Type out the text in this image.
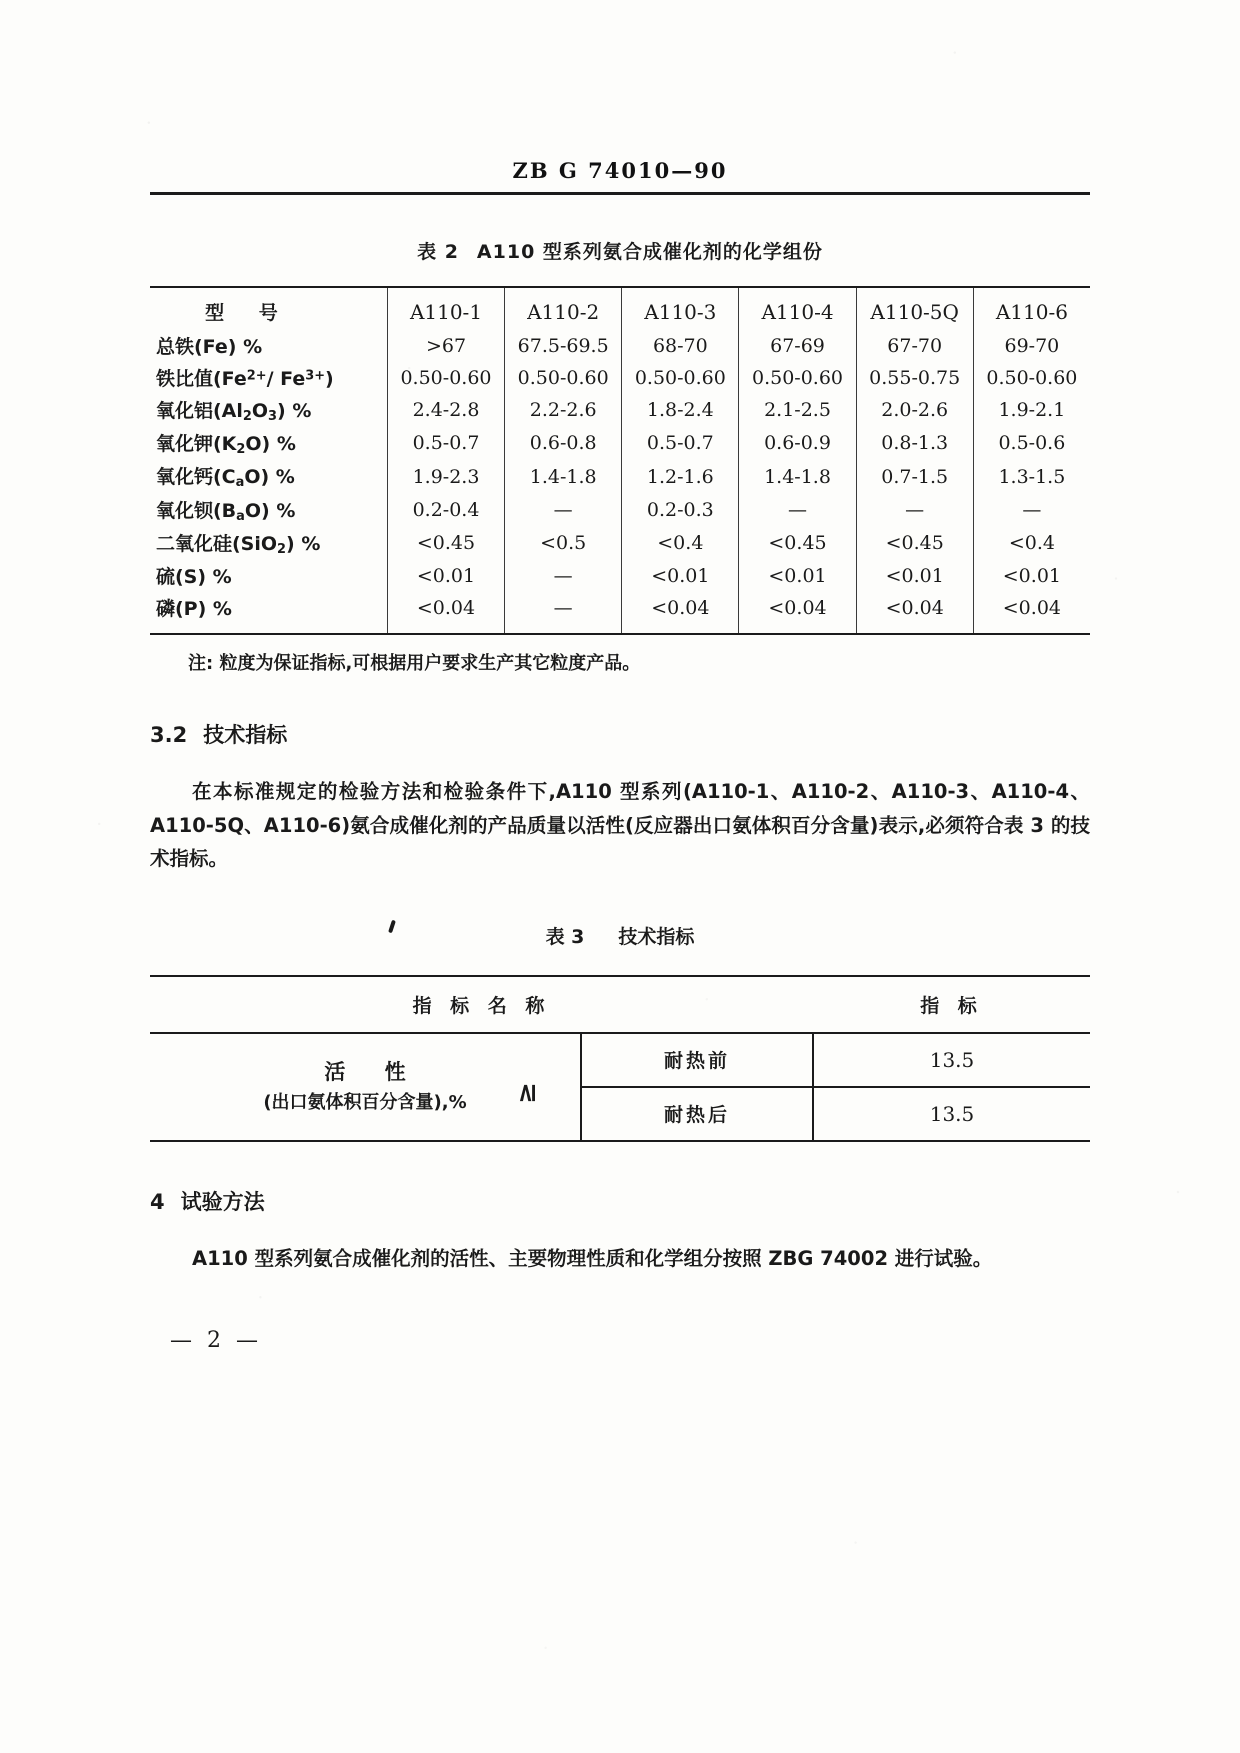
ZB G 74010—90
表 2 A110 型系列氨合成催化剂的化学组份
型 号	A110-1	A110-2	A110-3	A110-4	A110-5Q	A110-6
总铁(Fe) %	>67	67.5-69.5	68-70	67-69	67-70	69-70
铁比值($Fe^{2+}/$ $Fe^{3+}$)	0.50-0.60	0.50-0.60	0.50-0.60	0.50-0.60	0.55-0.75	0.50-0.60
氧化铝$(Al_2O_3)$ %	2.4-2.8	2.2-2.6	1.8-2.4	2.1-2.5	2.0-2.6	1.9-2.1
氧化钾$(K_2O)$ %	0.5-0.7	0.6-0.8	0.5-0.7	0.6-0.9	0.8-1.3	0.5-0.6
氧化钙$(C_aO)$ %	1.9-2.3	1.4-1.8	1.2-1.6	1.4-1.8	0.7-1.5	1.3-1.5
氧化钡$(B_aO)$ %	0.2-0.4	—	0.2-0.3	—	—	—
二氧化硅(SiO$_2$) %	<0.45	<0.5	<0.4	<0.45	<0.45	<0.4
硫(S) %	<0.01	—	<0.01	<0.01	<0.01	<0.01
磷(P) %	<0.04	—	<0.04	<0.04	<0.04	<0.04
注: 粒度为保证指标,可根据用户要求生产其它粒度产品。
3.2 技术指标
在本标准规定的检验方法和检验条件下,A110 型系列(A110-1、A110-2、A110-3、A110-4、A110-5Q、A110-6)氨合成催化剂的产品质量以活性(反应器出口氨体积百分含量)表示,必须符合表 3 的技术指标。
表 3 技术指标
指 标 名 称		指 标

活 性
(出口氨体积百分含量),% ≥	耐热前	13.5
	耐热后	13.5
4 试验方法
A110 型系列氨合成催化剂的活性、主要物理性质和化学组分按照 ZBG 74002 进行试验。
— 2 —
